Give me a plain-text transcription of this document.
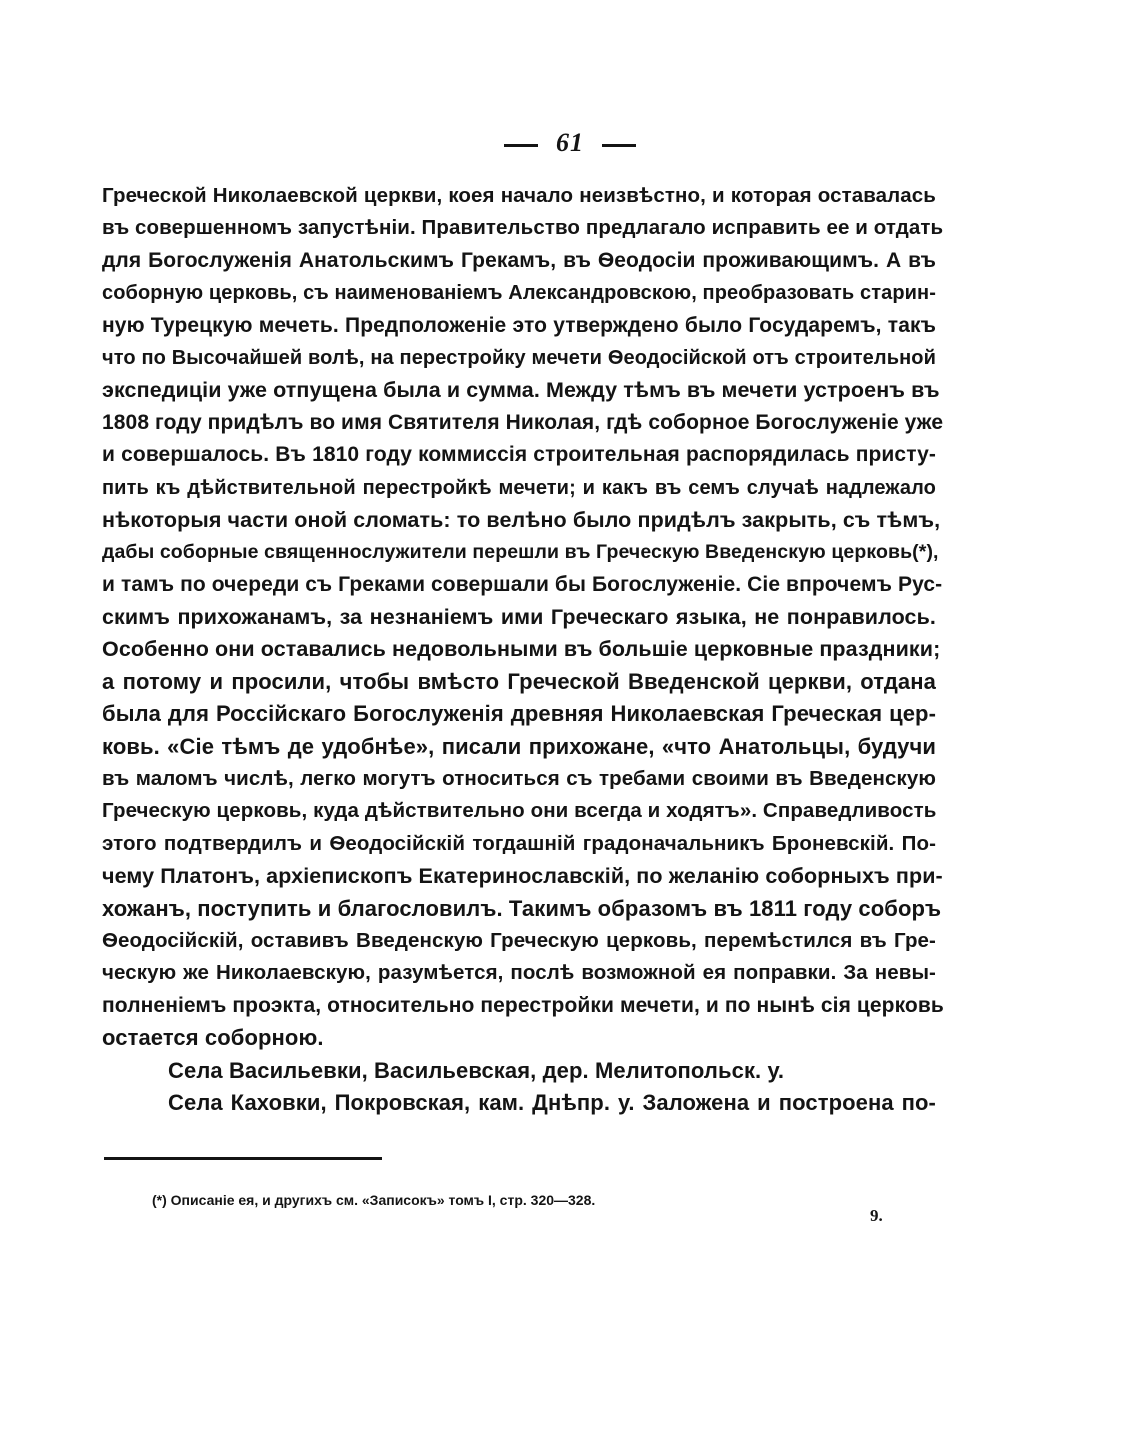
61
Греческой Николаевской церкви, коея начало неизвѣстно, и которая оставалась
въ совершенномъ запустѣніи. Правительство предлагало исправить ее и отдать
для Богослуженія Анатольскимъ Грекамъ, въ Ѳеодосіи проживающимъ. А въ
соборную церковь, съ наименованіемъ Александровскою, преобразовать старин-
ную Турецкую мечеть. Предположеніе это утверждено было Государемъ, такъ
что по Высочайшей волѣ, на перестройку мечети Ѳеодосійской отъ строительной
экспедиціи уже отпущена была и сумма. Между тѣмъ въ мечети устроенъ въ
1808 году придѣлъ во имя Святителя Николая, гдѣ соборное Богослуженіе уже
и совершалось. Въ 1810 году коммиссія строительная распорядилась присту-
пить къ дѣйствительной перестройкѣ мечети; и какъ въ семъ случаѣ надлежало
нѣкоторыя части оной сломать: то велѣно было придѣлъ закрыть, съ тѣмъ,
дабы соборные священнослужители перешли въ Греческую Введенскую церковь(*),
и тамъ по очереди съ Греками совершали бы Богослуженіе. Сіе впрочемъ Рус-
скимъ прихожанамъ, за незнаніемъ ими Греческаго языка, не понравилось.
Особенно они оставались недовольными въ большіе церковные праздники;
а потому и просили, чтобы вмѣсто Греческой Введенской церкви, отдана
была для Россійскаго Богослуженія древняя Николаевская Греческая цер-
ковь. «Сіе тѣмъ де удобнѣе», писали прихожане, «что Анатольцы, будучи
въ маломъ числѣ, легко могутъ относиться съ требами своими въ Введенскую
Греческую церковь, куда дѣйствительно они всегда и ходятъ». Справедливость
этого подтвердилъ и Ѳеодосійскій тогдашній градоначальникъ Броневскій. По-
чему Платонъ, архіепископъ Екатеринославскій, по желанію соборныхъ при-
хожанъ, поступить и благословилъ. Такимъ образомъ въ 1811 году соборъ
Ѳеодосійскій, оставивъ Введенскую Греческую церковь, перемѣстился въ Гре-
ческую же Николаевскую, разумѣется, послѣ возможной ея поправки. За невы-
полненіемъ проэкта, относительно перестройки мечети, и по нынѣ сія церковь
остается соборною.
Села Васильевки, Васильевская, дер. Мелитопольск. у.
Села Каховки, Покровская, кам. Днѣпр. у. Заложена и построена по-
(*) Описаніе ея, и другихъ см. «Записокъ» томъ I, стр. 320—328.
9.
